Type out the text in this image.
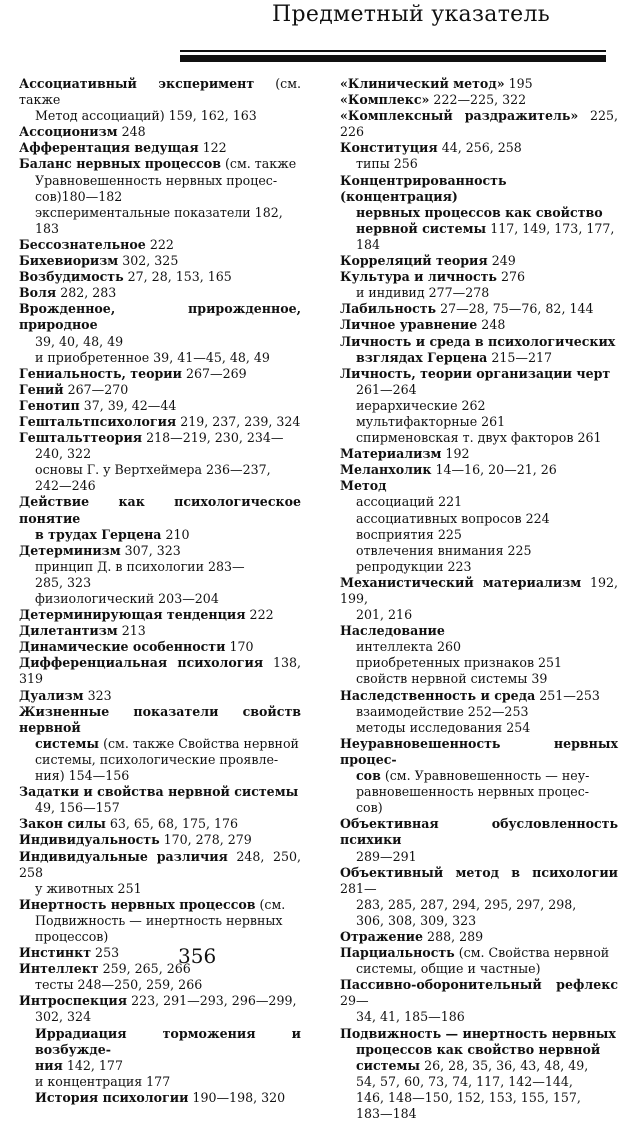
Предметный указатель
Ассоциативный эксперимент (см. также
Метод ассоциаций) 159, 162, 163
Ассоционизм 248
Афферентация ведущая 122
Баланс нервных процессов (см. также
Уравновешенность нервных процес-
сов)180—182
экспериментальные показатели 182,
183
Бессознательное 222
Бихевиоризм 302, 325
Возбудимость 27, 28, 153, 165
Воля 282, 283
Врожденное, прирожденное, природное
39, 40, 48, 49
и приобретенное 39, 41—45, 48, 49
Гениальность, теории 267—269
Гений 267—270
Генотип 37, 39, 42—44
Гештальтпсихология 219, 237, 239, 324
Гештальттеория 218—219, 230, 234—
240, 322
основы Г. у Вертхеймера 236—237,
242—246
Действие как психологическое понятие
в трудах Герцена 210
Детерминизм 307, 323
принцип Д. в психологии 283—
285, 323
физиологический 203—204
Детерминирующая тенденция 222
Дилетантизм 213
Динамические особенности 170
Дифференциальная психология 138, 319
Дуализм 323
Жизненные показатели свойств нервной
системы (см. также Свойства нервной
системы, психологические проявле-
ния) 154—156
Задатки и свойства нервной системы
49, 156—157
Закон силы 63, 65, 68, 175, 176
Индивидуальность 170, 278, 279
Индивидуальные различия 248, 250, 258
у животных 251
Инертность нервных процессов (см.
Подвижность — инертность нервных
процессов)
Инстинкт 253
Интеллект 259, 265, 266
тесты 248—250, 259, 266
Интроспекция 223, 291—293, 296—299,
302, 324
Иррадиация торможения и возбужде-
ния 142, 177
и концентрация 177
История психологии 190—198, 320
«Клинический метод» 195
«Комплекс» 222—225, 322
«Комплексный раздражитель» 225, 226
Конституция 44, 256, 258
типы 256
Концентрированность (концентрация)
нервных процессов как свойство
нервной системы 117, 149, 173, 177,
184
Корреляций теория 249
Культура и личность 276
и индивид 277—278
Лабильность 27—28, 75—76, 82, 144
Личное уравнение 248
Личность и среда в психологических
взглядах Герцена 215—217
Личность, теории организации черт
261—264
иерархические 262
мультифакторные 261
спирменовская т. двух факторов 261
Материализм 192
Меланхолик 14—16, 20—21, 26
Метод
ассоциаций 221
ассоциативных вопросов 224
восприятия 225
отвлечения внимания 225
репродукции 223
Механистический материализм 192, 199,
201, 216
Наследование
интеллекта 260
приобретенных признаков 251
свойств нервной системы 39
Наследственность и среда 251—253
взаимодействие 252—253
методы исследования 254
Неуравновешенность нервных процес-
сов (см. Уравновешенность — неу-
равновешенность нервных процес-
сов)
Объективная обусловленность психики
289—291
Объективный метод в психологии 281—
283, 285, 287, 294, 295, 297, 298,
306, 308, 309, 323
Отражение 288, 289
Парциальность (см. Свойства нервной
системы, общие и частные)
Пассивно-оборонительный рефлекс 29—
34, 41, 185—186
Подвижность — инертность нервных
процессов как свойство нервной
системы 26, 28, 35, 36, 43, 48, 49,
54, 57, 60, 73, 74, 117, 142—144,
146, 148—150, 152, 153, 155, 157,
183—184
356
